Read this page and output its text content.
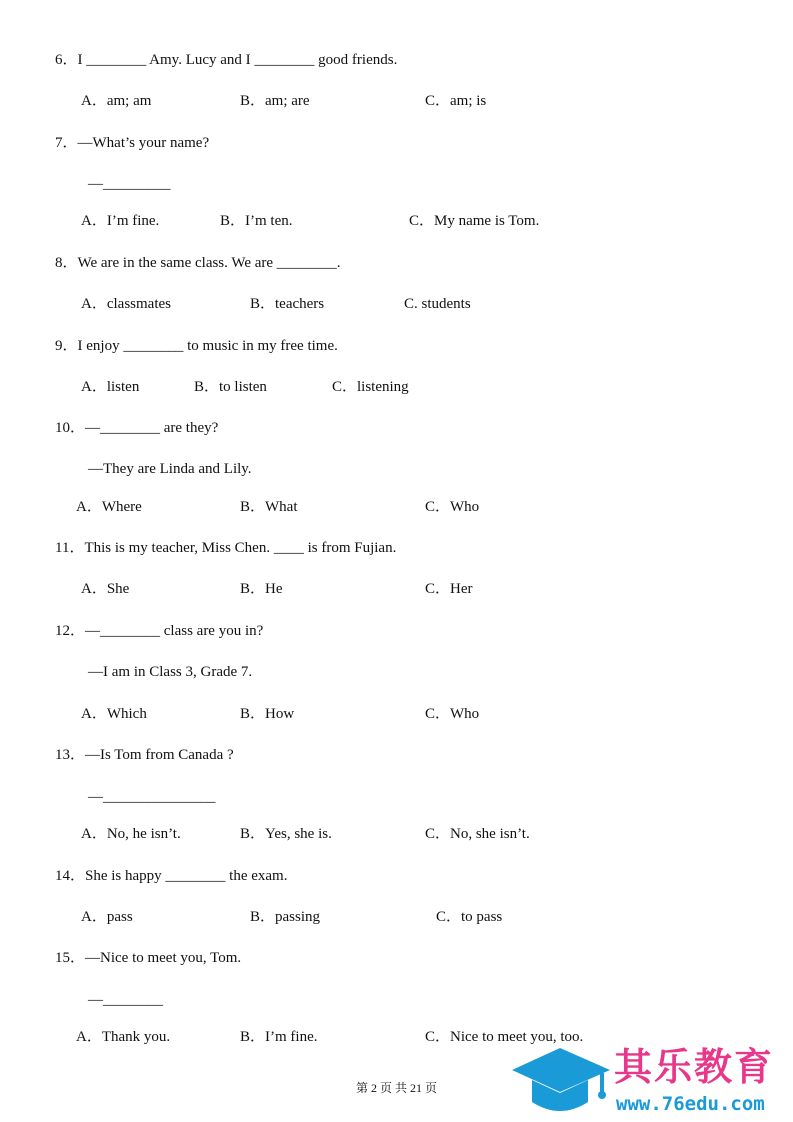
6．I ________ Amy. Lucy and I ________ good friends.
A．am; am	B．am; are	C．am; is
7．—What’s your name?
—_________
A．I’m fine.	B．I’m ten.	C．My name is Tom.
8．We are in the same class. We are ________.
A．classmates	B．teachers	C. students
9．I enjoy ________ to music in my free time.
A．listen	B．to listen	C．listening
10．—________ are they?
—They are Linda and Lily.
A．Where	B．What	C．Who
11．This is my teacher, Miss Chen. ____ is from Fujian.
A．She	B．He	C．Her
12．—________ class are you in?
—I am in Class 3, Grade 7.
A．Which	B．How	C．Who
13．—Is Tom from Canada ?
—_______________
A．No, he isn’t.	B．Yes, she is.	C．No, she isn’t.
14．She is happy ________ the exam.
A．pass	B．passing	C．to pass
15．—Nice to meet you, Tom.
—________
A．Thank you.	B．I’m fine.	C．Nice to meet you, too.
第 2 页 共 21 页	其乐教育
www.76edu.com
